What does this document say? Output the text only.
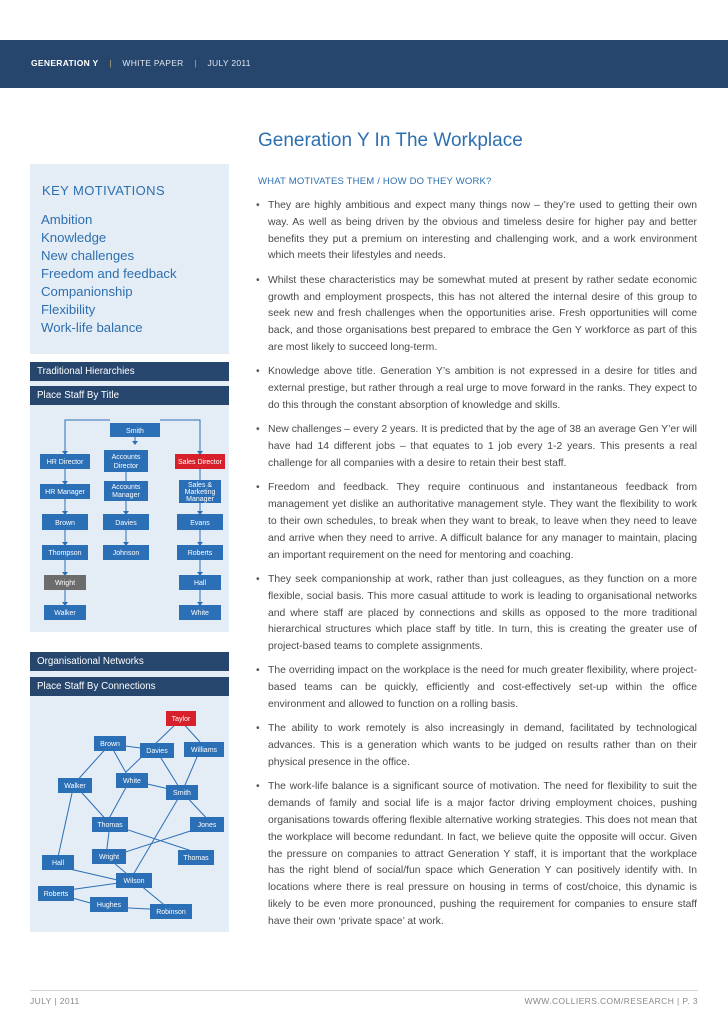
GENERATION Y | WHITE PAPER | JULY 2011
Generation Y In The Workplace
WHAT MOTIVATES THEM / HOW DO THEY WORK?
• They are highly ambitious and expect many things now – they’re used to getting their own way. As well as being driven by the obvious and timeless desire for higher pay and better benefits they put a premium on interesting and challenging work, and a work environment which meets their lifestyles and needs.
• Whilst these characteristics may be somewhat muted at present by rather sedate economic growth and employment prospects, this has not altered the internal desire of this group to seek new and fresh challenges when the opportunities arise. Fresh opportunities will come back, and those organisations best prepared to embrace the Gen Y workforce as part of this are most likely to succeed long-term.
• Knowledge above title. Generation Y’s ambition is not expressed in a desire for titles and external prestige, but rather through a real urge to move forward in the ranks. They expect to do this through the constant absorption of knowledge and skills.
• New challenges – every 2 years. It is predicted that by the age of 38 an average Gen Y’er will have had 14 different jobs – that equates to 1 job every 1-2 years. This presents a real challenge for all companies with a desire to retain their best staff.
• Freedom and feedback. They require continuous and instantaneous feedback from management yet dislike an authoritative management style. They want the flexibility to work to their own schedules, to break when they want to break, to leave when they need to leave and arrive when they need to arrive. A difficult balance for any manager to maintain, placing an important requirement on the need for mentoring and coaching.
• They seek companionship at work, rather than just colleagues, as they function on a more flexible, social basis. This more casual attitude to work is leading to organisational networks and where staff are placed by connections and skills as opposed to the more traditional hierarchical structures which place staff by title. In turn, this is creating the greater use of project-based teams to complete assignments.
• The overriding impact on the workplace is the need for much greater flexibility, where project-based teams can be quickly, efficiently and cost-effectively set-up within the office environment and allowed to function on a rolling basis.
• The ability to work remotely is also increasingly in demand, facilitated by technological advances. This is a generation which wants to be judged on results rather than on their physical presence in the office.
• The work-life balance is a significant source of motivation. The need for flexibility to suit the demands of family and social life is a major factor driving employment choices, pushing organisations towards offering flexible alternative working strategies. This does not mean that the workplace will become redundant. In fact, we believe quite the opposite will occur. Given the pressure on companies to attract Generation Y staff, it is important that the workplace has the right blend of social/fun space which Generation Y can positively identify with. In locations where there is real pressure on housing in terms of cost/choice, this dynamic is likely to be even more pronounced, pushing the requirement for companies to ensure staff have their own ‘private space’ at work.
KEY MOTIVATIONS
Ambition
Knowledge
New challenges
Freedom and feedback
Companionship
Flexibility
Work-life balance
Traditional Hierarchies
Place Staff By Title
Smith
HR Director
Accounts
Director
Sales Director
HR Manager
Accounts
Manager
Sales &
Marketing
Manager
Brown	Davies	Evans
Thompson	Johnson	Roberts
Wright	Hall
Walker	White
Organisational Networks
Place Staff By Connections
Taylor
Brown
Davies	Williams
Walker
White
Smith
Thomas	Jones
Wright	Thomas
Hall
Wilson
Roberts
Hughes
Robinson
JULY | 2011	WWW.COLLIERS.COM/RESEARCH | P. 3
